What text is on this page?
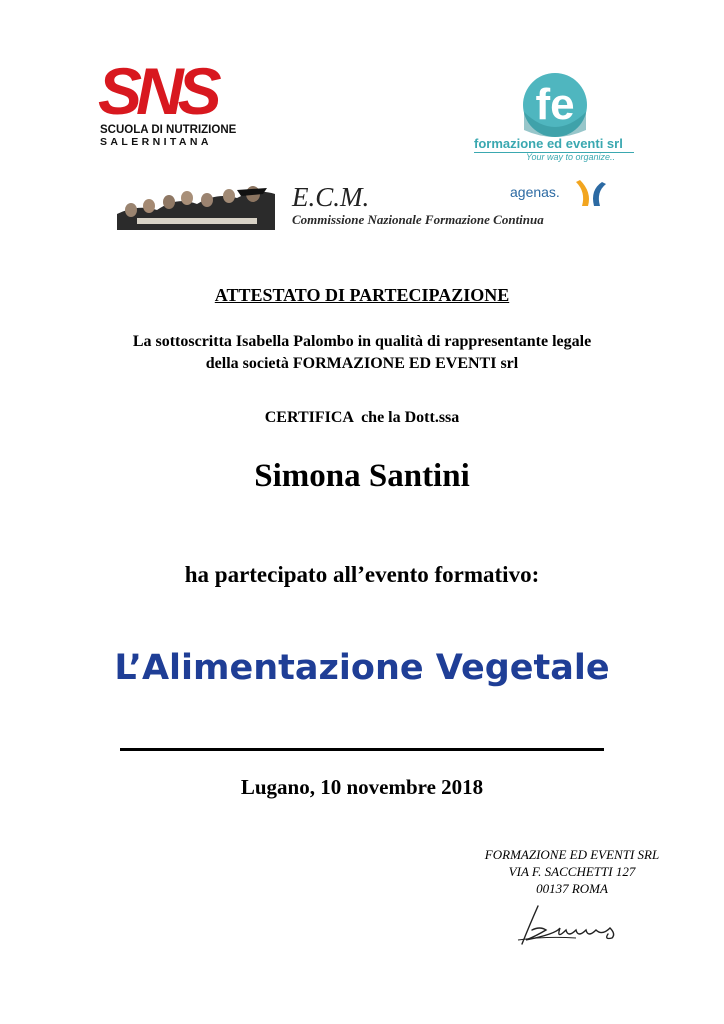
SNS
SCUOLA DI NUTRIZIONE
SALERNITANA
fe
formazione ed eventi srl
Your way to organize..
E.C.M.
Commissione Nazionale Formazione Continua
agenas.
ATTESTATO DI PARTECIPAZIONE
La sottoscritta Isabella Palombo in qualità di rappresentante legale
della società FORMAZIONE ED EVENTI srl
CERTIFICA  che la Dott.ssa
Simona Santini
ha partecipato all’evento formativo:
L’Alimentazione Vegetale
Lugano, 10 novembre 2018
FORMAZIONE ED EVENTI SRL
VIA F. SACCHETTI 127
00137 ROMA
